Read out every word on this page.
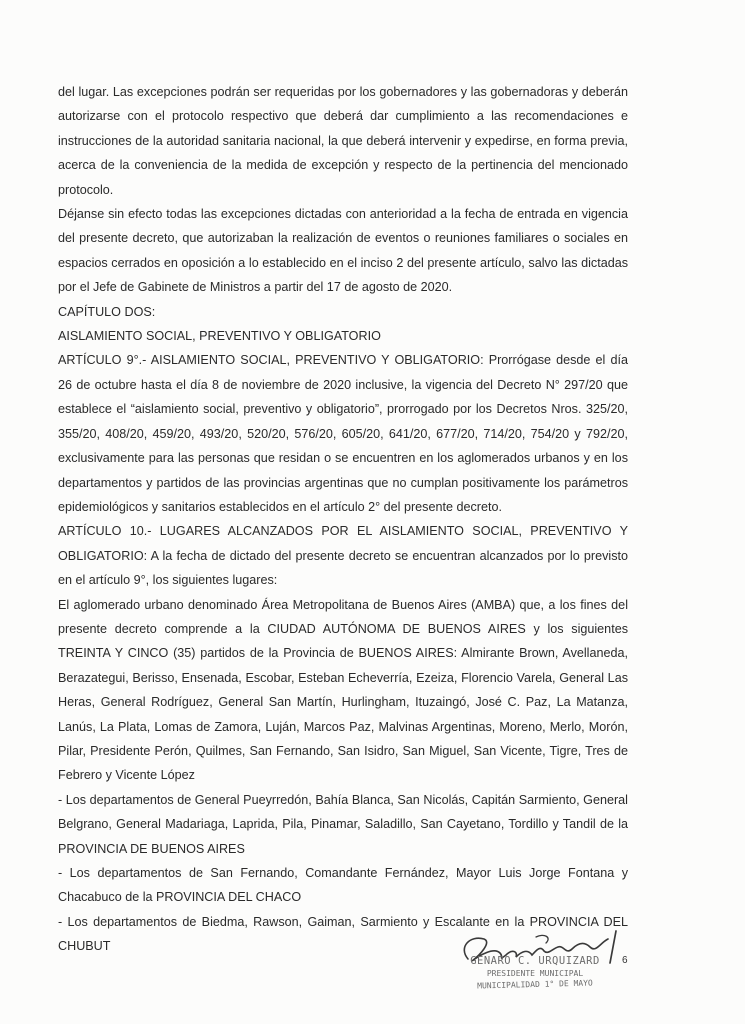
del lugar. Las excepciones podrán ser requeridas por los gobernadores y las gobernadoras y deberán autorizarse con el protocolo respectivo que deberá dar cumplimiento a las recomendaciones e instrucciones de la autoridad sanitaria nacional, la que deberá intervenir y expedirse, en forma previa, acerca de la conveniencia de la medida de excepción y respecto de la pertinencia del mencionado protocolo.

Déjanse sin efecto todas las excepciones dictadas con anterioridad a la fecha de entrada en vigencia del presente decreto, que autorizaban la realización de eventos o reuniones familiares o sociales en espacios cerrados en oposición a lo establecido en el inciso 2 del presente artículo, salvo las dictadas por el Jefe de Gabinete de Ministros a partir del 17 de agosto de 2020.

CAPÍTULO DOS:

AISLAMIENTO SOCIAL, PREVENTIVO Y OBLIGATORIO

ARTÍCULO 9°.- AISLAMIENTO SOCIAL, PREVENTIVO Y OBLIGATORIO: Prorrógase desde el día 26 de octubre hasta el día 8 de noviembre de 2020 inclusive, la vigencia del Decreto N° 297/20 que establece el “aislamiento social, preventivo y obligatorio”, prorrogado por los Decretos Nros. 325/20, 355/20, 408/20, 459/20, 493/20, 520/20, 576/20, 605/20, 641/20, 677/20, 714/20, 754/20 y 792/20, exclusivamente para las personas que residan o se encuentren en los aglomerados urbanos y en los departamentos y partidos de las provincias argentinas que no cumplan positivamente los parámetros epidemiológicos y sanitarios establecidos en el artículo 2° del presente decreto.

ARTÍCULO 10.- LUGARES ALCANZADOS POR EL AISLAMIENTO SOCIAL, PREVENTIVO Y OBLIGATORIO: A la fecha de dictado del presente decreto se encuentran alcanzados por lo previsto en el artículo 9°, los siguientes lugares:

El aglomerado urbano denominado Área Metropolitana de Buenos Aires (AMBA) que, a los fines del presente decreto comprende a la CIUDAD AUTÓNOMA DE BUENOS AIRES y los siguientes TREINTA Y CINCO (35) partidos de la Provincia de BUENOS AIRES: Almirante Brown, Avellaneda, Berazategui, Berisso, Ensenada, Escobar, Esteban Echeverría, Ezeiza, Florencio Varela, General Las Heras, General Rodríguez, General San Martín, Hurlingham, Ituzaingó, José C. Paz, La Matanza, Lanús, La Plata, Lomas de Zamora, Luján, Marcos Paz, Malvinas Argentinas, Moreno, Merlo, Morón, Pilar, Presidente Perón, Quilmes, San Fernando, San Isidro, San Miguel, San Vicente, Tigre, Tres de Febrero y Vicente López

- Los departamentos de General Pueyrredón, Bahía Blanca, San Nicolás, Capitán Sarmiento, General Belgrano, General Madariaga, Laprida, Pila, Pinamar, Saladillo, San Cayetano, Tordillo y Tandil de la PROVINCIA DE BUENOS AIRES

- Los departamentos de San Fernando, Comandante Fernández, Mayor Luis Jorge Fontana y Chacabuco de la PROVINCIA DEL CHACO

- Los departamentos de Biedma, Rawson, Gaiman, Sarmiento y Escalante en la PROVINCIA DEL CHUBUT

GENARO C. URQUIZARD
PRESIDENTE MUNICIPAL
MUNICIPALIDAD 1° DE MAYO
6
